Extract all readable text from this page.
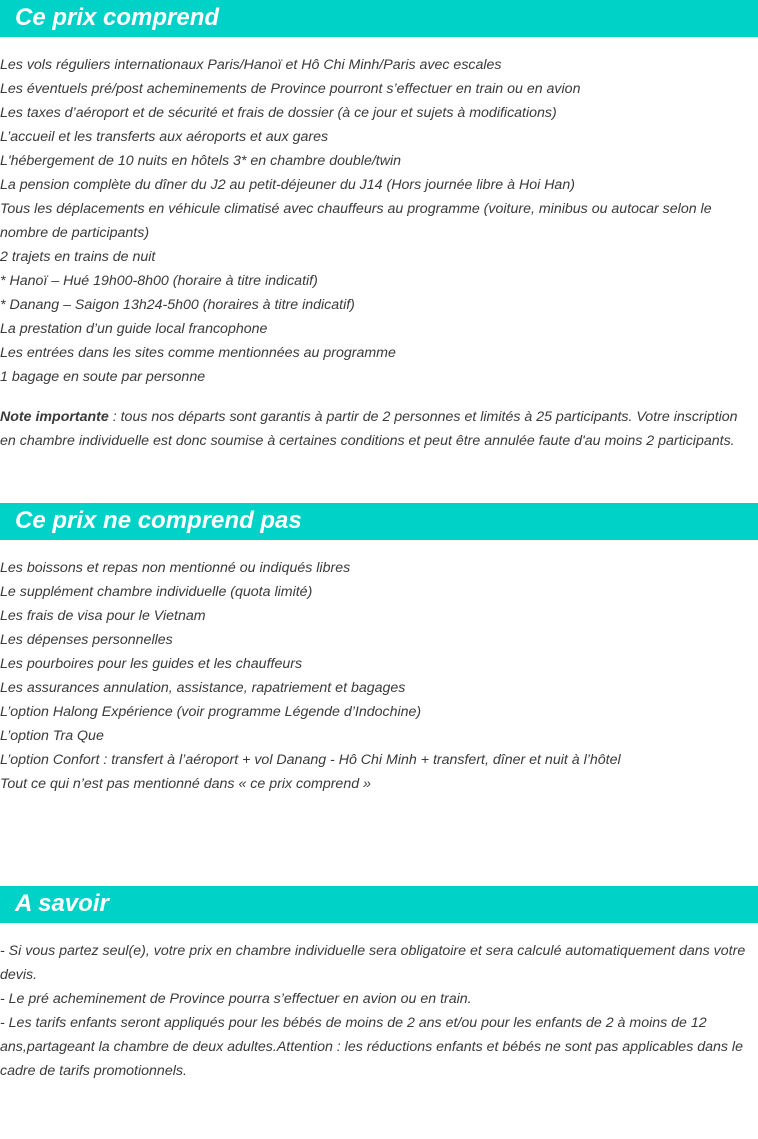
Ce prix comprend
Les vols réguliers internationaux Paris/Hanoï et Hô Chi Minh/Paris avec escales
Les éventuels pré/post acheminements de Province pourront s’effectuer en train ou en avion
Les taxes d’aéroport et de sécurité et frais de dossier (à ce jour et sujets à modifications)
L’accueil et les transferts aux aéroports et aux gares
L'hébergement de 10 nuits en hôtels 3* en chambre double/twin
La pension complète du dîner du J2 au petit-déjeuner du J14 (Hors journée libre à Hoi Han)
Tous les déplacements en véhicule climatisé avec chauffeurs au programme (voiture, minibus ou autocar selon le nombre de participants)
2 trajets en trains de nuit
* Hanoï – Hué 19h00-8h00 (horaire à titre indicatif)
* Danang – Saigon 13h24-5h00 (horaires à titre indicatif)
La prestation d’un guide local francophone
Les entrées dans les sites comme mentionnées au programme
1 bagage en soute par personne

Note importante : tous nos départs sont garantis à partir de 2 personnes et limités à 25 participants. Votre inscription en chambre individuelle est donc soumise à certaines conditions et peut être annulée faute d'au moins 2 participants.

Ce prix ne comprend pas
Les boissons et repas non mentionné ou indiqués libres
Le supplément chambre individuelle (quota limité)
Les frais de visa pour le Vietnam
Les dépenses personnelles
Les pourboires pour les guides et les chauffeurs
Les assurances annulation, assistance, rapatriement et bagages
L’option Halong Expérience (voir programme Légende d’Indochine)
L’option Tra Que
L’option Confort : transfert à l’aéroport + vol Danang - Hô Chi Minh + transfert, dîner et nuit à l’hôtel
Tout ce qui n’est pas mentionné dans « ce prix comprend »
A savoir

- Si vous partez seul(e), votre prix en chambre individuelle sera obligatoire et sera calculé automatiquement dans votre devis.

- Le pré acheminement de Province pourra s’effectuer en avion ou en train.

- Les tarifs enfants seront appliqués pour les bébés de moins de 2 ans et/ou pour les enfants de 2 à moins de 12 ans,partageant la chambre de deux adultes.Attention : les réductions enfants et bébés ne sont pas applicables dans le cadre de tarifs promotionnels.
